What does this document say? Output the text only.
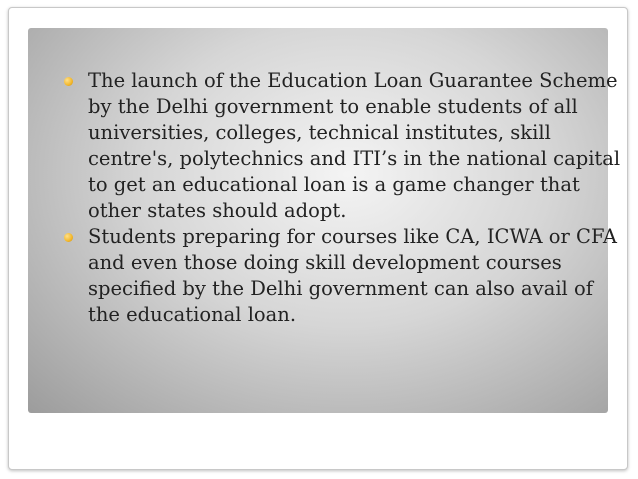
The launch of the Education Loan Guarantee Scheme by the Delhi government to enable students of all universities, colleges, technical institutes, skill centre's, polytechnics and ITI’s in the national capital to get an educational loan is a game changer that other states should adopt.
Students preparing for courses like CA, ICWA or CFA and even those doing skill development courses specified by the Delhi government can also avail of the educational loan.
